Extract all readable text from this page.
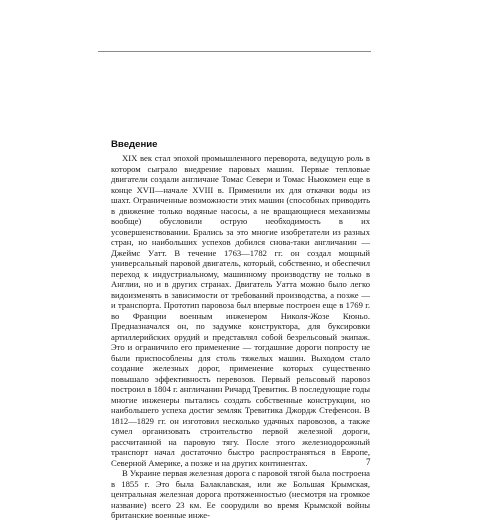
Введение

XIX век стал эпохой промышленного переворота, ведущую роль в котором сыграло внедрение паровых машин. Первые тепловые двигатели создали англичане Томас Севери и Томас Ньюкомен еще в конце XVII—начале XVIII в. Применили их для откачки воды из шахт. Ограниченные возможности этих машин (способных приводить в движение только водяные насосы, а не вращающиеся механизмы вообще) обусловили острую необходимость в их усовершенствовании. Брались за это многие изобретатели из разных стран, но наибольших успехов добился снова-таки англичанин — Джеймс Уатт. В течение 1763—1782 гг. он создал мощный универсальный паровой двигатель, который, собственно, и обеспечил переход к индустриальному, машинному производству не только в Англии, но и в других странах. Двигатель Уатта можно было легко видоизменять в зависимости от требований производства, а позже — и транспорта. Прототип паровоза был впервые построен еще в 1769 г. во Франции военным инженером Николя-Жозе Кюньо. Предназначался он, по задумке конструктора, для буксировки артиллерийских орудий и представлял собой безрельсовый экипаж. Это и ограничило его применение — тогдашние дороги попросту не были приспособлены для столь тяжелых машин. Выходом стало создание железных дорог, применение которых существенно повышало эффективность перевозов. Первый рельсовый паровоз построил в 1804 г. англичанин Ричард Тревитик. В последующие годы многие инженеры пытались создать собственные конструкции, но наибольшего успеха достиг земляк Тревитика Джордж Стефенсон. В 1812—1829 гг. он изготовил несколько удачных паровозов, а также сумел организовать строительство первой железной дороги, рассчитанной на паровую тягу. После этого железнодорожный транспорт начал достаточно быстро распространяться в Европе, Северной Америке, а позже и на других континентах.

В Украине первая железная дорога с паровой тягой была построена в 1855 г. Это была Балаклавская, или же Большая Крымская, центральная железная дорога протяженностью (несмотря на громкое название) всего 23 км. Ее соорудили во время Крымской войны британские военные инже-

7
